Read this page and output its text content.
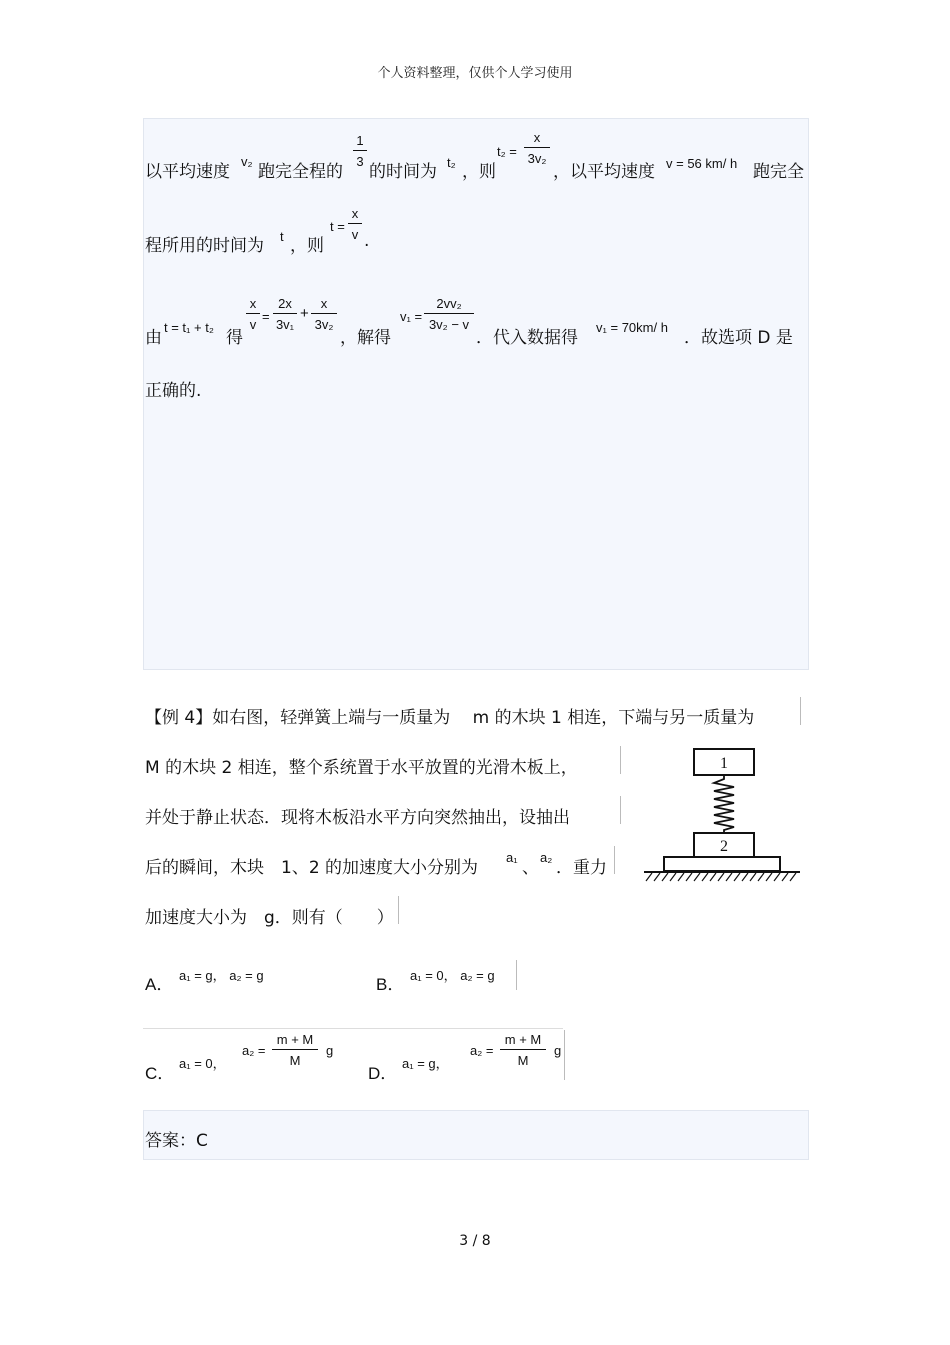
个人资料整理，仅供个人学习使用
以平均速度
v₂
跑完全程的
$\frac{1}{3}$
的时间为 t₂ ，则
$t_2 = \frac{x}{\text{3v₂}}$
，以平均速度 v = 56 km/ h 跑完全
程所用的时间为 t ，则
$t = \frac{x}{v}$ .
由
t = t₁ + t₂
得
$\frac{x}{v} = \frac{2x}{\text{3v₁}} + \frac{x}{\text{3v₂}}$
，解得
$v_1 = \frac{\text{2vv₂}}{\text{3v₂ − v}}$
．代入数据得
v₁ = 70km/ h
．故选项 D 是
正确的.
【例 4】如右图，轻弹簧上端与一质量为　 m 的木块 1 相连，下端与另一质量为
M 的木块 2 相连，整个系统置于水平放置的光滑木板上，
并处于静止状态．现将木板沿水平方向突然抽出，设抽出
后的瞬间，木块　1、2 的加速度大小分别为
a₁
、
a₂
．重力
加速度大小为　g．则有（　　）
1
2
A． a₁ = g， a₂ = g	B． a₁ = 0， a₂ = g
C．
a₁ = 0，
$a_2 = \frac{m + M}{M}$ g
D．
a₁ = g，
$a_2 = \frac{m + M}{M}$ g
答案：C
3 / 8
